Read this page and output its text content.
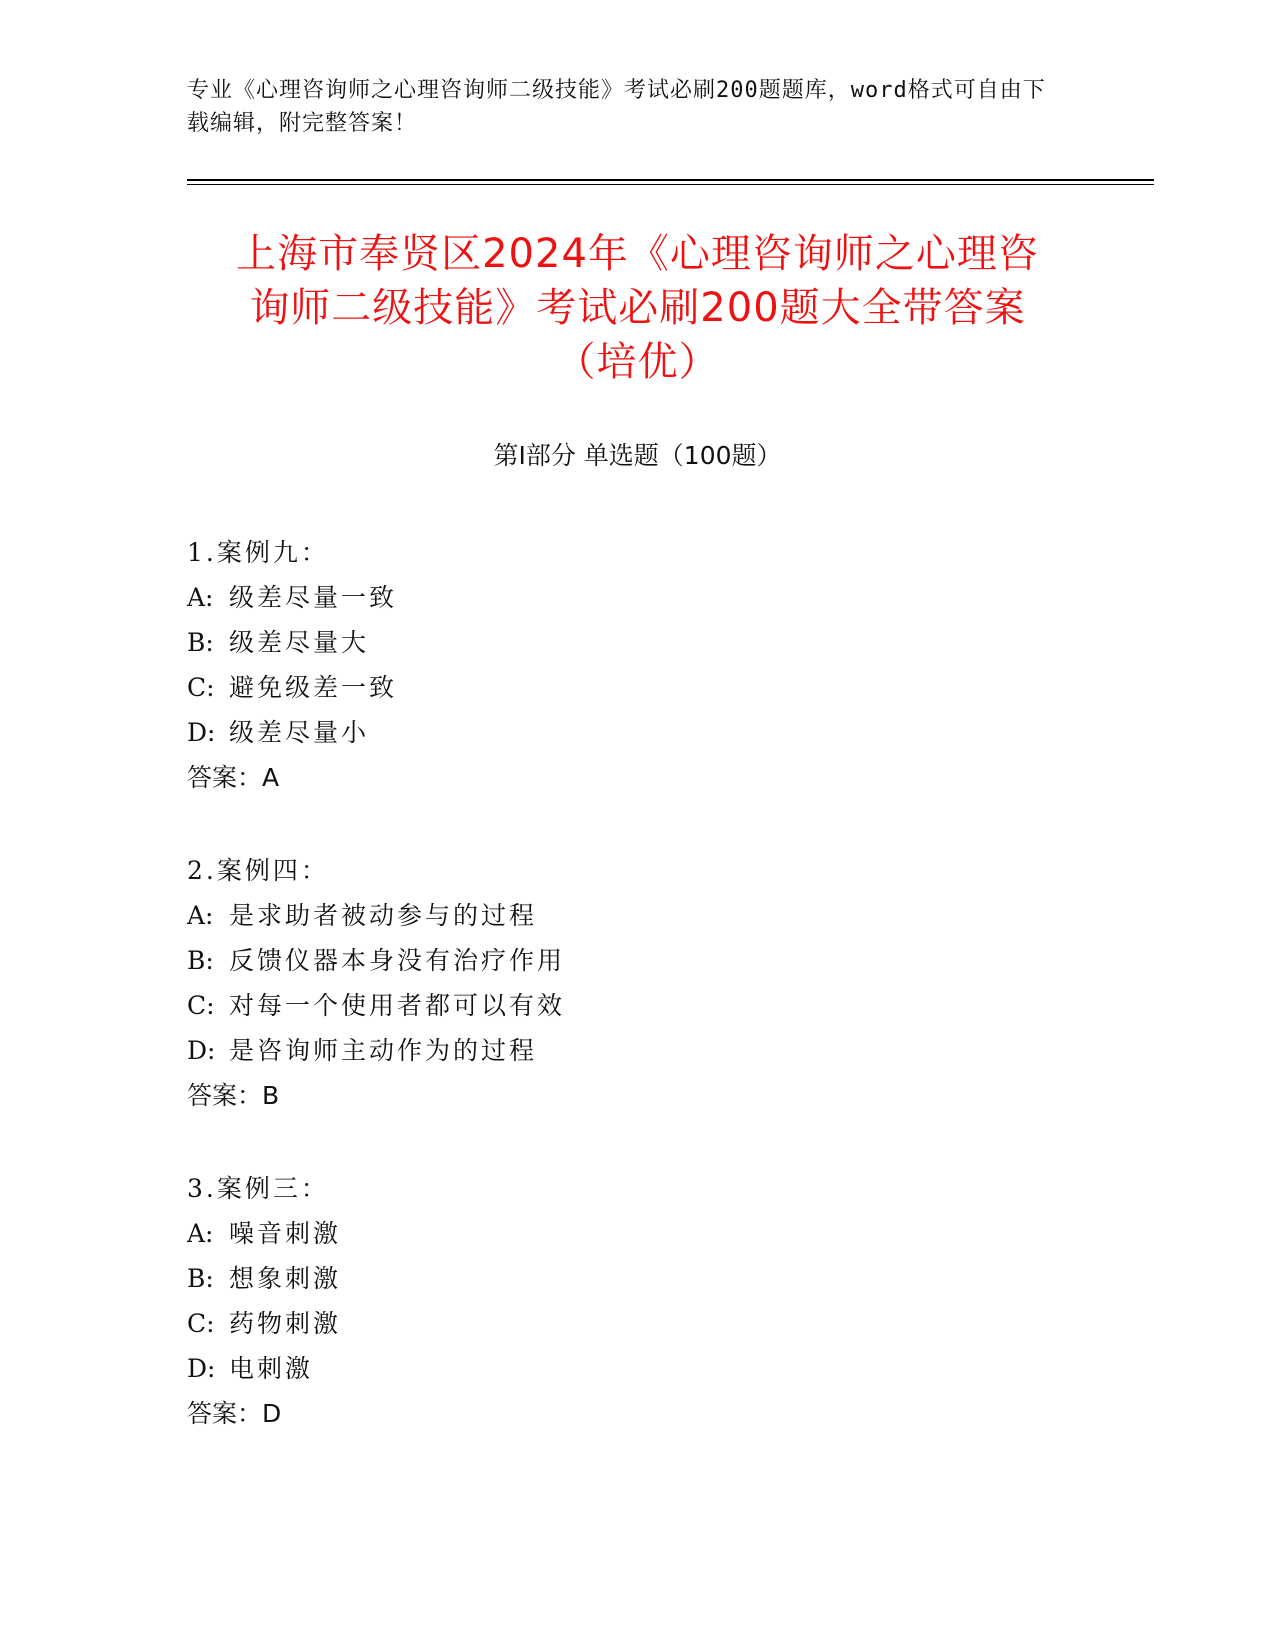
专业《心理咨询师之心理咨询师二级技能》考试必刷200题题库，word格式可自由下载编辑，附完整答案！
上海市奉贤区2024年《心理咨询师之心理咨
询师二级技能》考试必刷200题大全带答案
（培优）
第Ⅰ部分 单选题（100题）
1.案例九：
A: 级差尽量一致
B: 级差尽量大
C: 避免级差一致
D: 级差尽量小
答案：A
2.案例四：
A: 是求助者被动参与的过程
B: 反馈仪器本身没有治疗作用
C: 对每一个使用者都可以有效
D: 是咨询师主动作为的过程
答案：B
3.案例三：
A: 噪音刺激
B: 想象刺激
C: 药物刺激
D: 电刺激
答案：D
